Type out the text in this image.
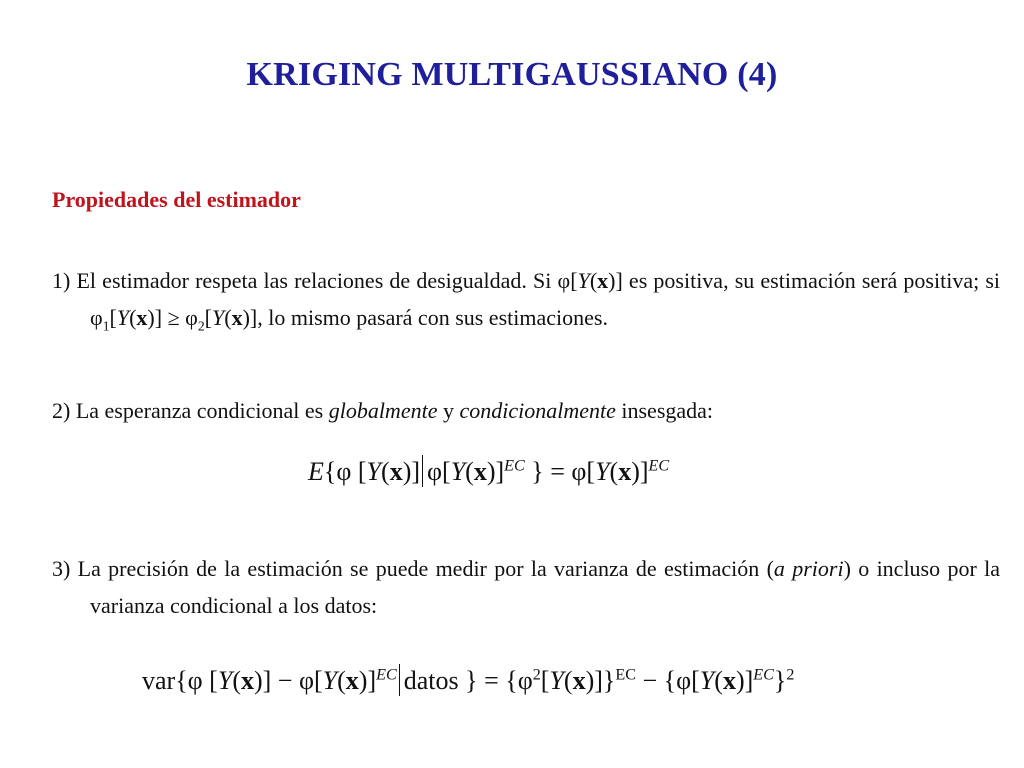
KRIGING MULTIGAUSSIANO (4)
Propiedades del estimador
1) El estimador respeta las relaciones de desigualdad. Si φ[Y(x)] es positiva, su estimación será positiva; si $\varphi_1[Y(x)] \ge \varphi_2[Y(x)]$, lo mismo pasará con sus estimaciones.
2) La esperanza condicional es globalmente y condicionalmente insesgada:
E{φ [Y(x)] $\varphi[Y(x)]^{EC}$ } = $\varphi[Y(x)]^{EC}$
3) La precisión de la estimación se puede medir por la varianza de estimación (a priori) o incluso por la varianza condicional a los datos:
var{φ $[Y(x)] - \varphi[Y(x)]^{EC}$ datos } = $\{\varphi^2[Y(x)]\}^{EC} - \{\varphi[Y(x)]^{EC}\}^2$
